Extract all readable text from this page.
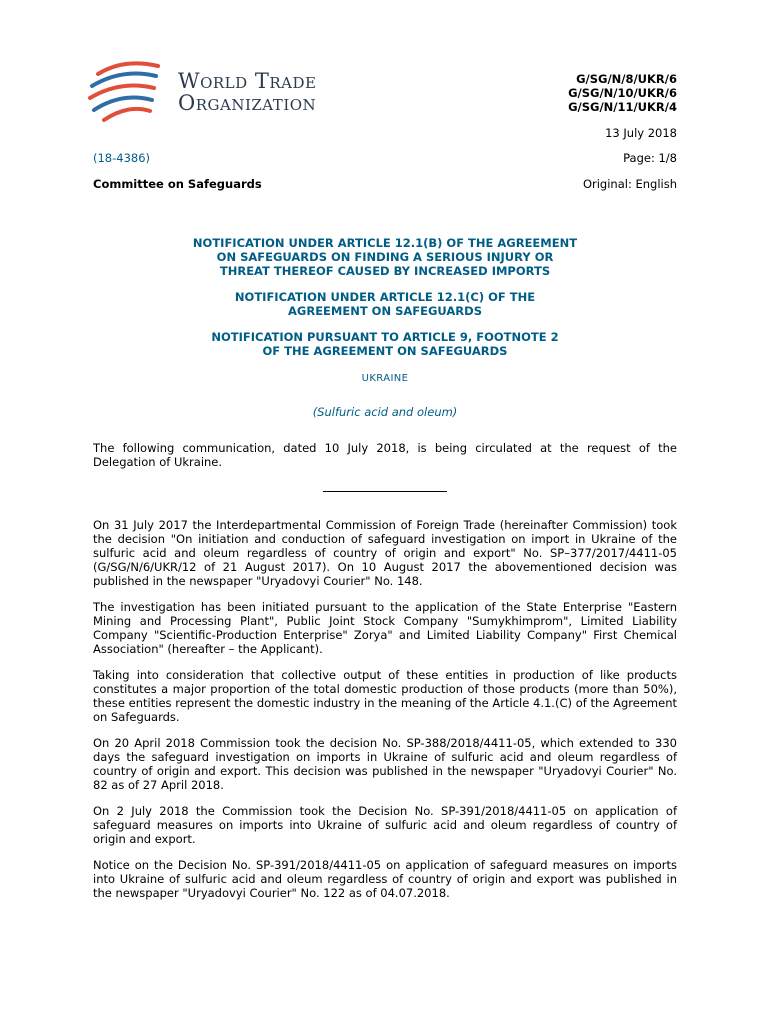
World Trade
Organization
G/SG/N/8/UKR/6
G/SG/N/10/UKR/6
G/SG/N/11/UKR/4
13 July 2018
(18-4386)	Page: 1/8
Committee on Safeguards	Original: English

NOTIFICATION UNDER ARTICLE 12.1(B) OF THE AGREEMENT
ON SAFEGUARDS ON FINDING A SERIOUS INJURY OR
THREAT THEREOF CAUSED BY INCREASED IMPORTS

NOTIFICATION UNDER ARTICLE 12.1(C) OF THE
AGREEMENT ON SAFEGUARDS

NOTIFICATION PURSUANT TO ARTICLE 9, FOOTNOTE 2
OF THE AGREEMENT ON SAFEGUARDS

UKRAINE
(Sulfuric acid and oleum)
The following communication, dated 10 July 2018, is being circulated at the request of the Delegation of Ukraine.

On 31 July 2017 the Interdepartmental Commission of Foreign Trade (hereinafter Commission) took the decision "On initiation and conduction of safeguard investigation on import in Ukraine of the sulfuric acid and oleum regardless of country of origin and export" No. SP–377/2017/4411-05 (G/SG/N/6/UKR/12 of 21 August 2017). On 10 August 2017 the abovementioned decision was published in the newspaper "Uryadovyi Courier" No. 148.

The investigation has been initiated pursuant to the application of the State Enterprise "Eastern Mining and Processing Plant", Public Joint Stock Company "Sumykhimprom", Limited Liability Company "Scientific-Production Enterprise" Zorya" and Limited Liability Company" First Chemical Association" (hereafter – the Applicant).

Taking into consideration that collective output of these entities in production of like products constitutes a major proportion of the total domestic production of those products (more than 50%), these entities represent the domestic industry in the meaning of the Article 4.1.(C) of the Agreement on Safeguards.

On 20 April 2018 Commission took the decision No. SP-388/2018/4411-05, which extended to 330 days the safeguard investigation on imports in Ukraine of sulfuric acid and oleum regardless of country of origin and export. This decision was published in the newspaper "Uryadovyi Courier" No. 82 as of 27 April 2018.

On 2 July 2018 the Commission took the Decision No. SP-391/2018/4411-05 on application of safeguard measures on imports into Ukraine of sulfuric acid and oleum regardless of country of origin and export.

Notice on the Decision No. SP-391/2018/4411-05 on application of safeguard measures on imports into Ukraine of sulfuric acid and oleum regardless of country of origin and export was published in the newspaper "Uryadovyi Courier" No. 122 as of 04.07.2018.
